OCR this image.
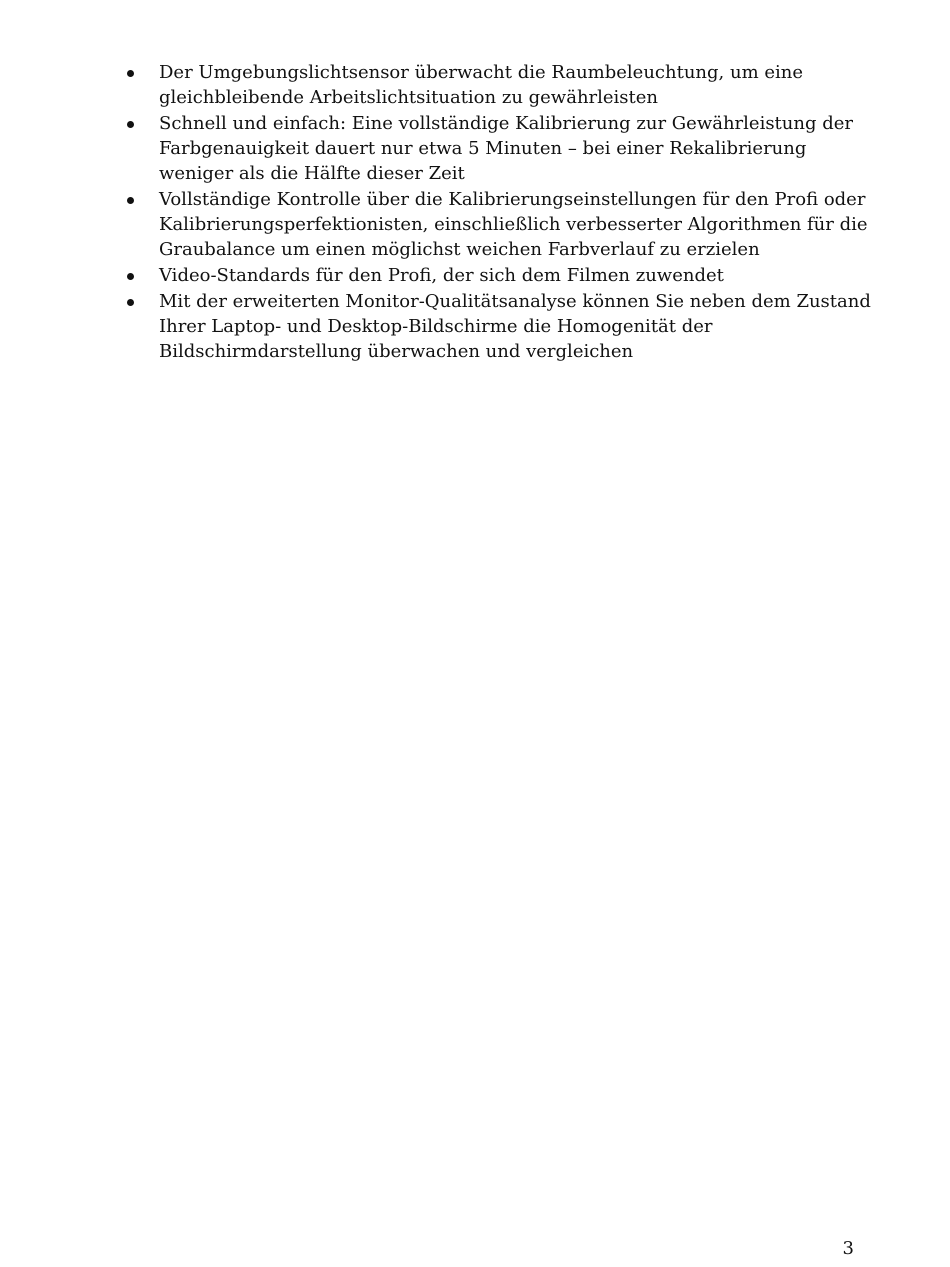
Der Umgebungslichtsensor überwacht die Raumbeleuchtung, um eine gleichbleibende Arbeitslichtsituation zu gewährleisten
Schnell und einfach: Eine vollständige Kalibrierung zur Gewährleistung der Farbgenauigkeit dauert nur etwa 5 Minuten – bei einer Rekalibrierung weniger als die Hälfte dieser Zeit
Vollständige Kontrolle über die Kalibrierungseinstellungen für den Profi oder Kalibrierungsperfektionisten, einschließlich verbesserter Algorithmen für die Graubalance um einen möglichst weichen Farbverlauf zu erzielen
Video-Standards für den Profi, der sich dem Filmen zuwendet
Mit der erweiterten Monitor-Qualitätsanalyse können Sie neben dem Zustand Ihrer Laptop- und Desktop-Bildschirme die Homogenität der Bildschirmdarstellung überwachen und vergleichen
3
